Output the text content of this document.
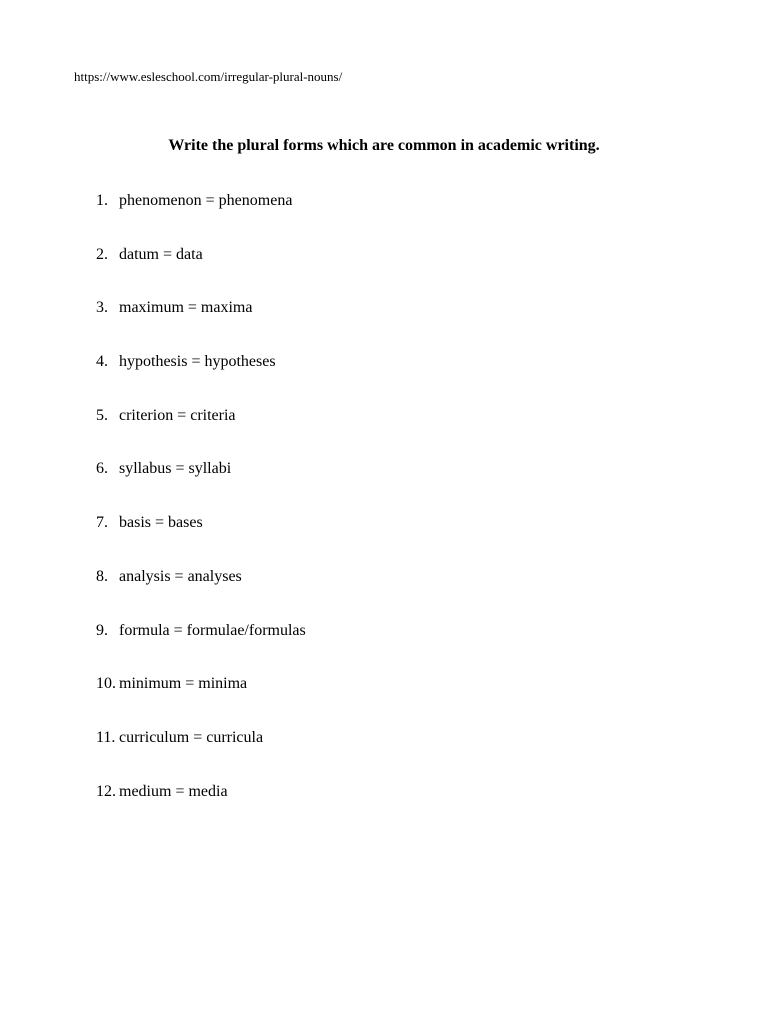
https://www.esleschool.com/irregular-plural-nouns/
Write the plural forms which are common in academic writing.
1. phenomenon = phenomena
2. datum = data
3. maximum = maxima
4. hypothesis = hypotheses
5. criterion = criteria
6. syllabus = syllabi
7. basis = bases
8. analysis = analyses
9. formula = formulae/formulas
10. minimum = minima
11. curriculum = curricula
12. medium = media
